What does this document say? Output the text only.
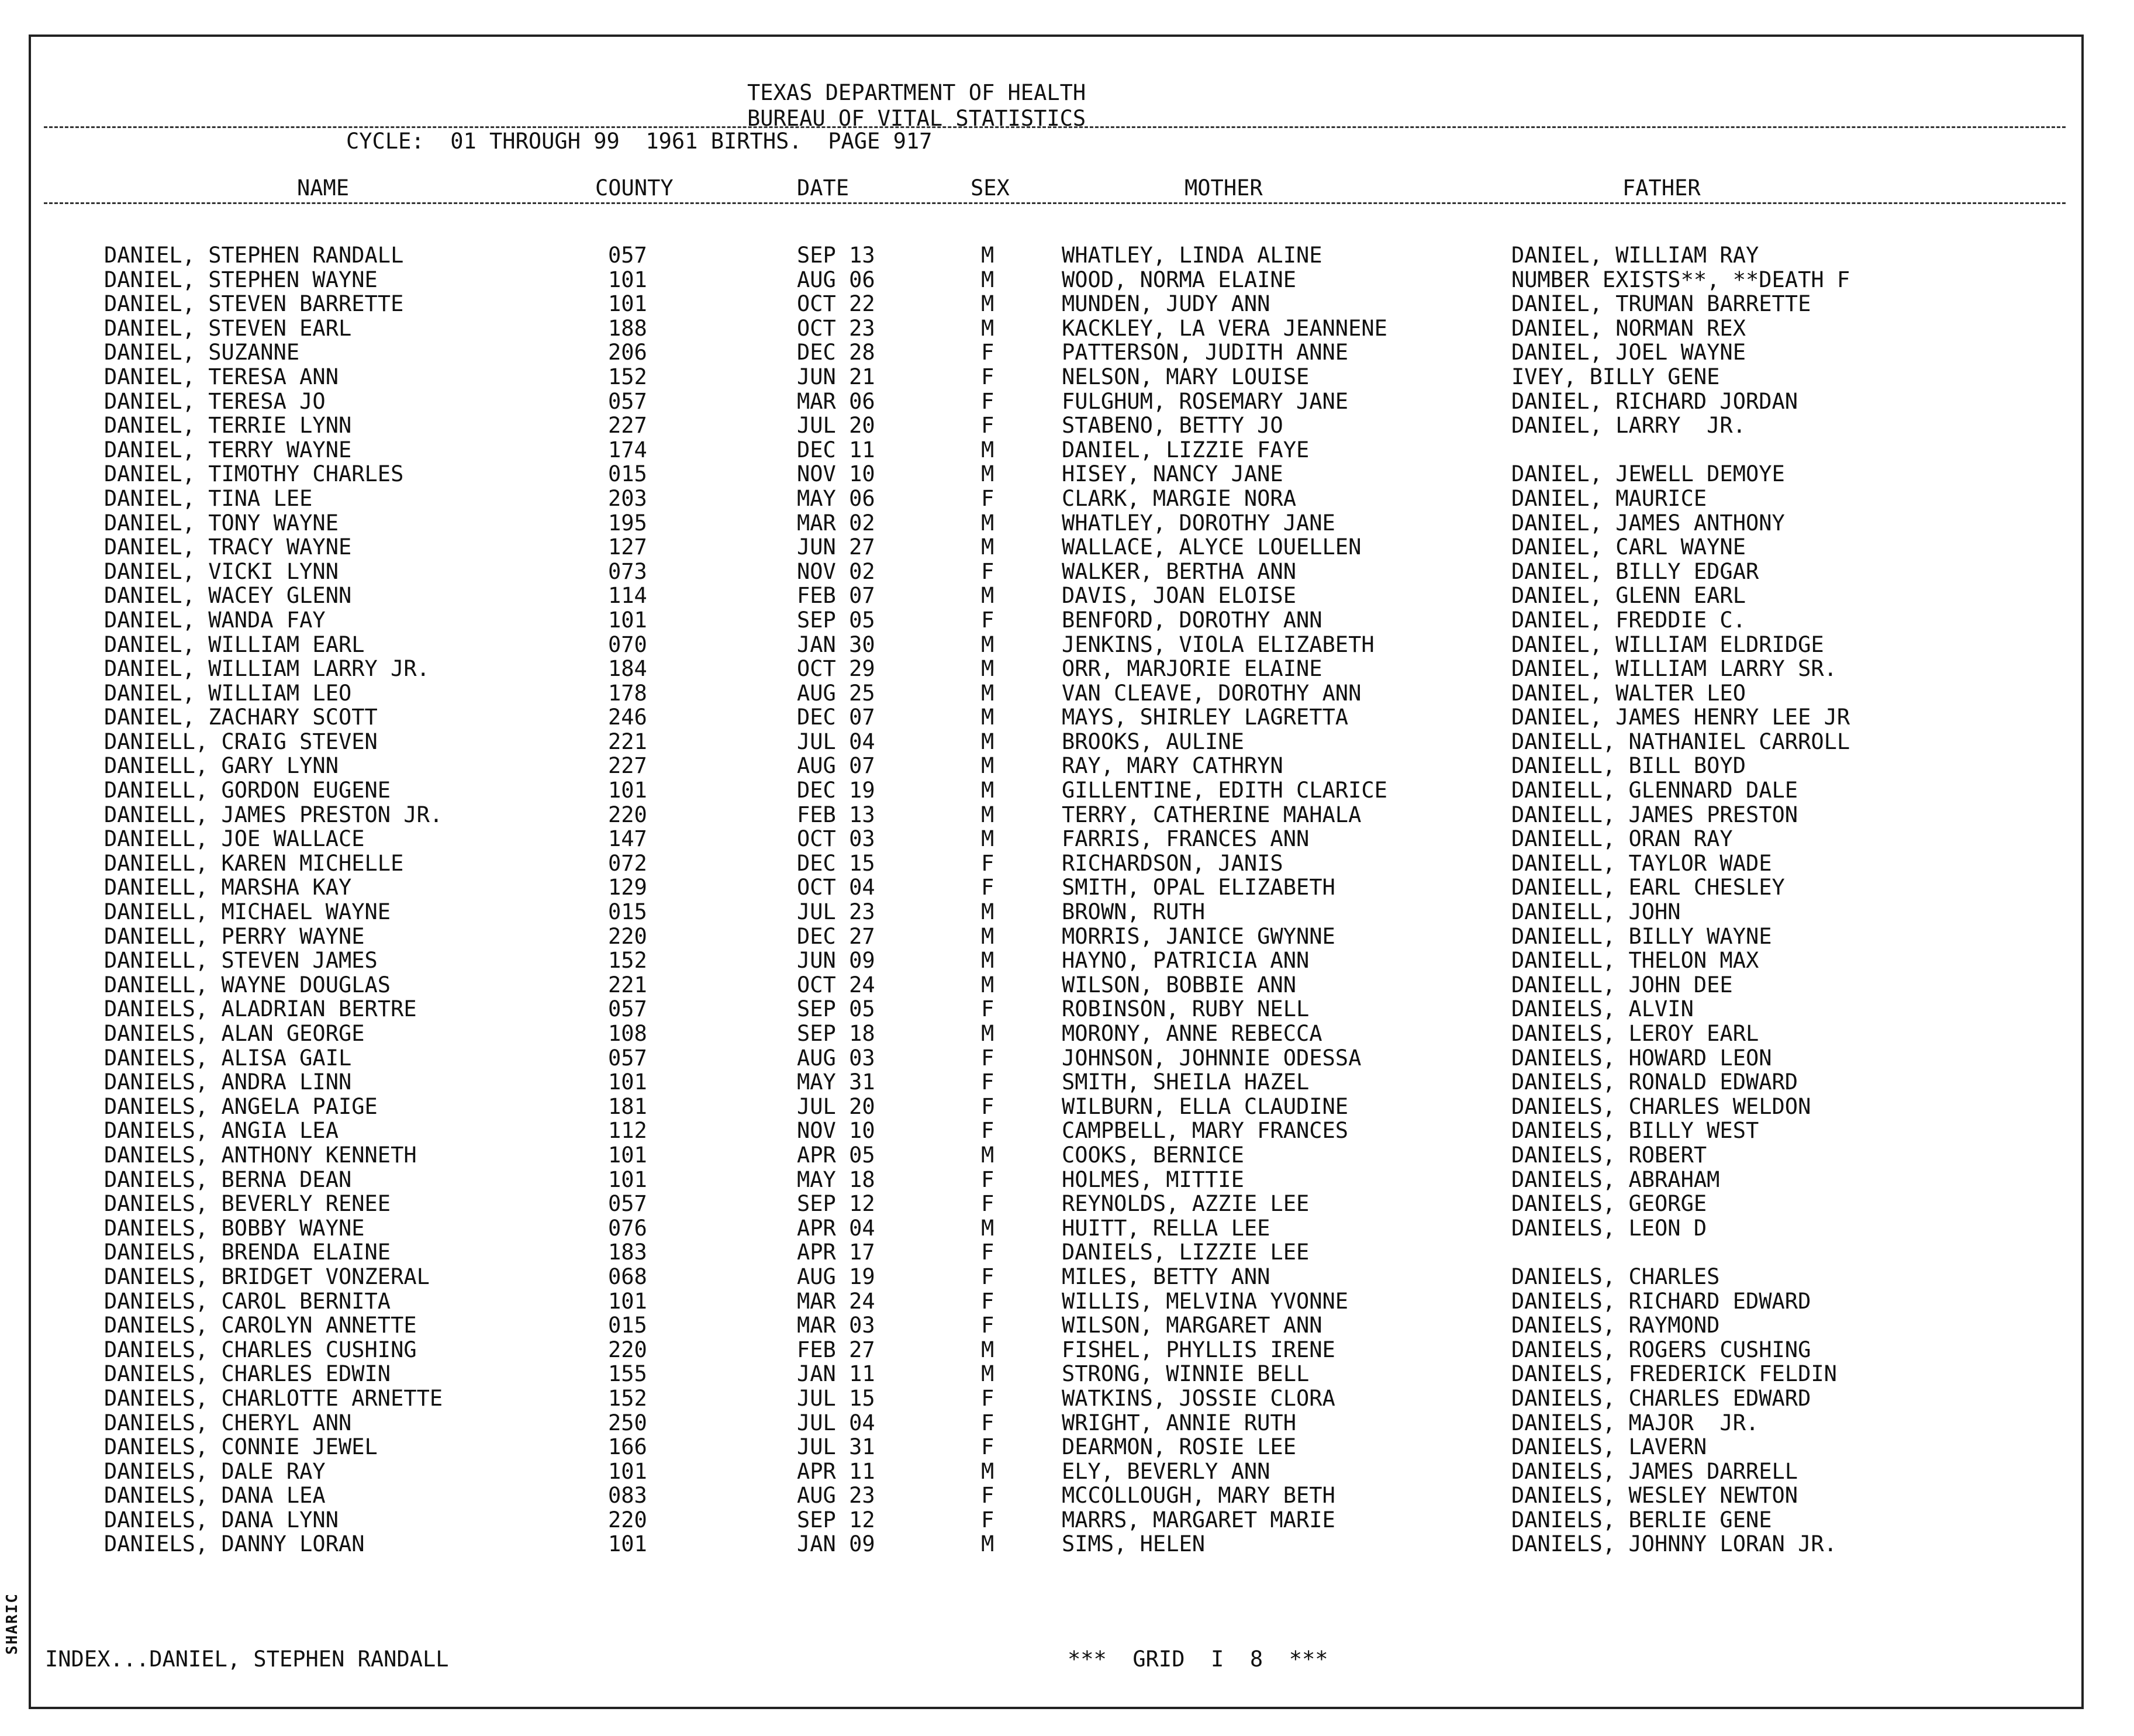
SHARIC
TEXAS DEPARTMENT OF HEALTH
BUREAU OF VITAL STATISTICS
CYCLE:  01 THROUGH 99  1961 BIRTHS.  PAGE 917
NAME	COUNTY	DATE	SEX	MOTHER	FATHER
DANIEL, STEPHEN RANDALL	057	SEP 13	M	WHATLEY, LINDA ALINE	DANIEL, WILLIAM RAY
DANIEL, STEPHEN WAYNE	101	AUG 06	M	WOOD, NORMA ELAINE	NUMBER EXISTS**, **DEATH F
DANIEL, STEVEN BARRETTE	101	OCT 22	M	MUNDEN, JUDY ANN	DANIEL, TRUMAN BARRETTE
DANIEL, STEVEN EARL	188	OCT 23	M	KACKLEY, LA VERA JEANNENE	DANIEL, NORMAN REX
DANIEL, SUZANNE	206	DEC 28	F	PATTERSON, JUDITH ANNE	DANIEL, JOEL WAYNE
DANIEL, TERESA ANN	152	JUN 21	F	NELSON, MARY LOUISE	IVEY, BILLY GENE
DANIEL, TERESA JO	057	MAR 06	F	FULGHUM, ROSEMARY JANE	DANIEL, RICHARD JORDAN
DANIEL, TERRIE LYNN	227	JUL 20	F	STABENO, BETTY JO	DANIEL, LARRY  JR.
DANIEL, TERRY WAYNE	174	DEC 11	M	DANIEL, LIZZIE FAYE
DANIEL, TIMOTHY CHARLES	015	NOV 10	M	HISEY, NANCY JANE	DANIEL, JEWELL DEMOYE
DANIEL, TINA LEE	203	MAY 06	F	CLARK, MARGIE NORA	DANIEL, MAURICE
DANIEL, TONY WAYNE	195	MAR 02	M	WHATLEY, DOROTHY JANE	DANIEL, JAMES ANTHONY
DANIEL, TRACY WAYNE	127	JUN 27	M	WALLACE, ALYCE LOUELLEN	DANIEL, CARL WAYNE
DANIEL, VICKI LYNN	073	NOV 02	F	WALKER, BERTHA ANN	DANIEL, BILLY EDGAR
DANIEL, WACEY GLENN	114	FEB 07	M	DAVIS, JOAN ELOISE	DANIEL, GLENN EARL
DANIEL, WANDA FAY	101	SEP 05	F	BENFORD, DOROTHY ANN	DANIEL, FREDDIE C.
DANIEL, WILLIAM EARL	070	JAN 30	M	JENKINS, VIOLA ELIZABETH	DANIEL, WILLIAM ELDRIDGE
DANIEL, WILLIAM LARRY JR.	184	OCT 29	M	ORR, MARJORIE ELAINE	DANIEL, WILLIAM LARRY SR.
DANIEL, WILLIAM LEO	178	AUG 25	M	VAN CLEAVE, DOROTHY ANN	DANIEL, WALTER LEO
DANIEL, ZACHARY SCOTT	246	DEC 07	M	MAYS, SHIRLEY LAGRETTA	DANIEL, JAMES HENRY LEE JR
DANIELL, CRAIG STEVEN	221	JUL 04	M	BROOKS, AULINE	DANIELL, NATHANIEL CARROLL
DANIELL, GARY LYNN	227	AUG 07	M	RAY, MARY CATHRYN	DANIELL, BILL BOYD
DANIELL, GORDON EUGENE	101	DEC 19	M	GILLENTINE, EDITH CLARICE	DANIELL, GLENNARD DALE
DANIELL, JAMES PRESTON JR.	220	FEB 13	M	TERRY, CATHERINE MAHALA	DANIELL, JAMES PRESTON
DANIELL, JOE WALLACE	147	OCT 03	M	FARRIS, FRANCES ANN	DANIELL, ORAN RAY
DANIELL, KAREN MICHELLE	072	DEC 15	F	RICHARDSON, JANIS	DANIELL, TAYLOR WADE
DANIELL, MARSHA KAY	129	OCT 04	F	SMITH, OPAL ELIZABETH	DANIELL, EARL CHESLEY
DANIELL, MICHAEL WAYNE	015	JUL 23	M	BROWN, RUTH	DANIELL, JOHN
DANIELL, PERRY WAYNE	220	DEC 27	M	MORRIS, JANICE GWYNNE	DANIELL, BILLY WAYNE
DANIELL, STEVEN JAMES	152	JUN 09	M	HAYNO, PATRICIA ANN	DANIELL, THELON MAX
DANIELL, WAYNE DOUGLAS	221	OCT 24	M	WILSON, BOBBIE ANN	DANIELL, JOHN DEE
DANIELS, ALADRIAN BERTRE	057	SEP 05	F	ROBINSON, RUBY NELL	DANIELS, ALVIN
DANIELS, ALAN GEORGE	108	SEP 18	M	MORONY, ANNE REBECCA	DANIELS, LEROY EARL
DANIELS, ALISA GAIL	057	AUG 03	F	JOHNSON, JOHNNIE ODESSA	DANIELS, HOWARD LEON
DANIELS, ANDRA LINN	101	MAY 31	F	SMITH, SHEILA HAZEL	DANIELS, RONALD EDWARD
DANIELS, ANGELA PAIGE	181	JUL 20	F	WILBURN, ELLA CLAUDINE	DANIELS, CHARLES WELDON
DANIELS, ANGIA LEA	112	NOV 10	F	CAMPBELL, MARY FRANCES	DANIELS, BILLY WEST
DANIELS, ANTHONY KENNETH	101	APR 05	M	COOKS, BERNICE	DANIELS, ROBERT
DANIELS, BERNA DEAN	101	MAY 18	F	HOLMES, MITTIE	DANIELS, ABRAHAM
DANIELS, BEVERLY RENEE	057	SEP 12	F	REYNOLDS, AZZIE LEE	DANIELS, GEORGE
DANIELS, BOBBY WAYNE	076	APR 04	M	HUITT, RELLA LEE	DANIELS, LEON D
DANIELS, BRENDA ELAINE	183	APR 17	F	DANIELS, LIZZIE LEE
DANIELS, BRIDGET VONZERAL	068	AUG 19	F	MILES, BETTY ANN	DANIELS, CHARLES
DANIELS, CAROL BERNITA	101	MAR 24	F	WILLIS, MELVINA YVONNE	DANIELS, RICHARD EDWARD
DANIELS, CAROLYN ANNETTE	015	MAR 03	F	WILSON, MARGARET ANN	DANIELS, RAYMOND
DANIELS, CHARLES CUSHING	220	FEB 27	M	FISHEL, PHYLLIS IRENE	DANIELS, ROGERS CUSHING
DANIELS, CHARLES EDWIN	155	JAN 11	M	STRONG, WINNIE BELL	DANIELS, FREDERICK FELDIN
DANIELS, CHARLOTTE ARNETTE	152	JUL 15	F	WATKINS, JOSSIE CLORA	DANIELS, CHARLES EDWARD
DANIELS, CHERYL ANN	250	JUL 04	F	WRIGHT, ANNIE RUTH	DANIELS, MAJOR  JR.
DANIELS, CONNIE JEWEL	166	JUL 31	F	DEARMON, ROSIE LEE	DANIELS, LAVERN
DANIELS, DALE RAY	101	APR 11	M	ELY, BEVERLY ANN	DANIELS, JAMES DARRELL
DANIELS, DANA LEA	083	AUG 23	F	MCCOLLOUGH, MARY BETH	DANIELS, WESLEY NEWTON
DANIELS, DANA LYNN	220	SEP 12	F	MARRS, MARGARET MARIE	DANIELS, BERLIE GENE
DANIELS, DANNY LORAN	101	JAN 09	M	SIMS, HELEN	DANIELS, JOHNNY LORAN JR.
INDEX...DANIEL, STEPHEN RANDALL	***  GRID  I  8  ***
